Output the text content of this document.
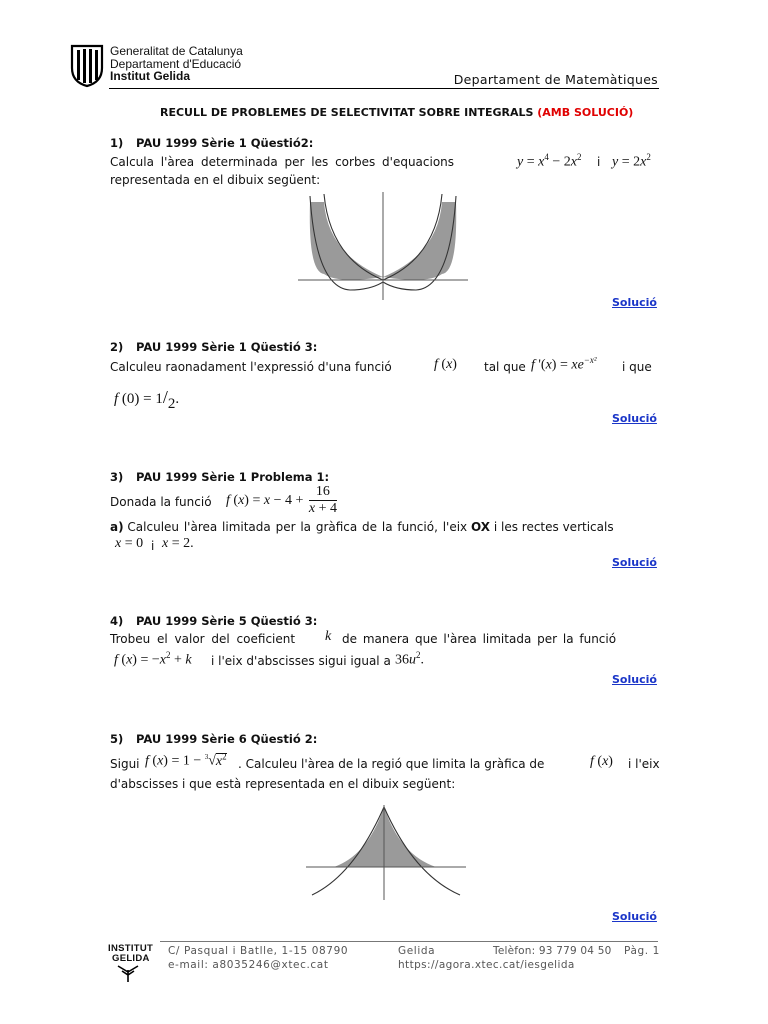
Generalitat de Catalunya
Departament d'Educació
Institut Gelida	Departament de Matemàtiques
RECULL DE PROBLEMES DE SELECTIVITAT SOBRE INTEGRALS (AMB SOLUCIÓ)
1) PAU 1999 Sèrie 1 Qüestió2:
Calcula l'àrea determinada per les corbes d'equacions	$y = x^4 - 2x^2$ i $y = 2x^2$
representada en el dibuix següent:
Solució
2) PAU 1999 Sèrie 1 Qüestió 3:
Calculeu raonadament l'expressió d'una funció	f (x) tal que f '$(x) = xe^{-x^2}$ i que
f (0) = 1/2.
Solució
3) PAU 1999 Sèrie 1 Problema 1:
Donada la funció f $(x) = x - 4 + \frac{16}{x + 4}$
a) Calculeu l'àrea limitada per la gràfica de la funció, l'eix OX i les rectes verticals
x = 0 i x = 2.
Solució
4) PAU 1999 Sèrie 5 Qüestió 3:
Trobeu el valor del coeficient k de manera que l'àrea limitada per la funció
f $(x) = -x^2 + k$ i l'eix d'abscisses sigui igual a $36u^2$.
Solució
5) PAU 1999 Sèrie 6 Qüestió 2:
Sigui f $(x) = 1 - ^3√x^2$
. Calculeu l'àrea de la regió que limita la gràfica de	f (x) i l'eix
d'abscisses i que està representada en el dibuix següent:
Solució
INSTITUT
GELIDA
C/ Pasqual i Batlle, 1-15 08790	Gelida	Telèfon: 93 779 04 50 Pàg. 1
e-mail: a8035246@xtec.cat	https://agora.xtec.cat/iesgelida
